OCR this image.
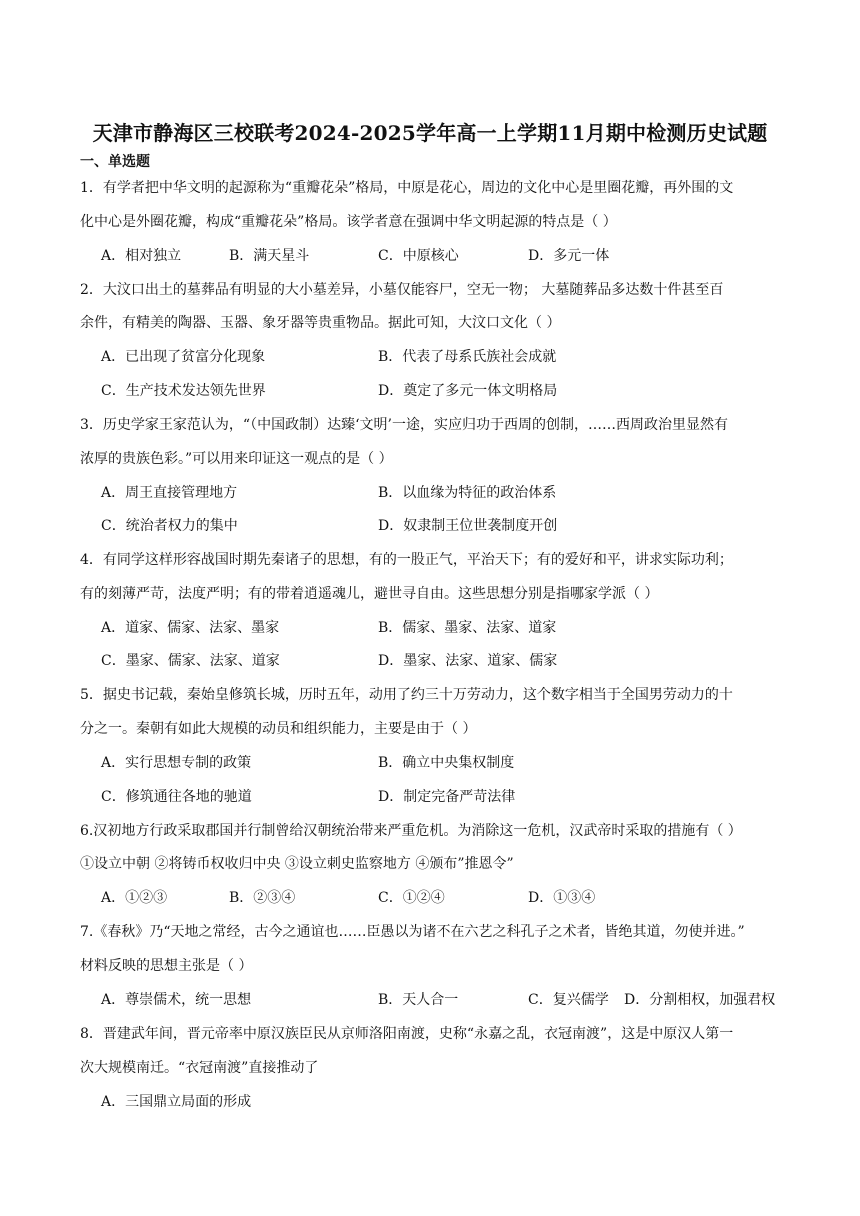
天津市静海区三校联考2024-2025学年高一上学期11月期中检测历史试题
一、单选题
1．有学者把中华文明的起源称为“重瓣花朵”格局，中原是花心，周边的文化中心是里圈花瓣，再外围的文
化中心是外圈花瓣，构成“重瓣花朵”格局。该学者意在强调中华文明起源的特点是（ ）
A．相对独立	B．满天星斗	C．中原核心	D．多元一体
2．大汶口出土的墓葬品有明显的大小墓差异，小墓仅能容尸，空无一物； 大墓随葬品多达数十件甚至百
余件，有精美的陶器、玉器、象牙器等贵重物品。据此可知，大汶口文化（ ）
A．已出现了贫富分化现象	B．代表了母系氏族社会成就
C．生产技术发达领先世界	D．奠定了多元一体文明格局
3．历史学家王家范认为，“（中国政制）达臻‘文明’一途，实应归功于西周的创制，……西周政治里显然有
浓厚的贵族色彩。”可以用来印证这一观点的是（ ）
A．周王直接管理地方	B．以血缘为特征的政治体系
C．统治者权力的集中	D．奴隶制王位世袭制度开创
4．有同学这样形容战国时期先秦诸子的思想，有的一股正气，平治天下；有的爱好和平，讲求实际功利；
有的刻薄严苛，法度严明；有的带着逍遥魂儿，避世寻自由。这些思想分别是指哪家学派（ ）
A．道家、儒家、法家、墨家	B．儒家、墨家、法家、道家
C．墨家、儒家、法家、道家	D．墨家、法家、道家、儒家
5．据史书记载，秦始皇修筑长城，历时五年，动用了约三十万劳动力，这个数字相当于全国男劳动力的十
分之一。秦朝有如此大规模的动员和组织能力，主要是由于（ ）
A．实行思想专制的政策	B．确立中央集权制度
C．修筑通往各地的驰道	D．制定完备严苛法律
6.汉初地方行政采取郡国并行制曾给汉朝统治带来严重危机。为消除这一危机，汉武帝时采取的措施有（ ）
①设立中朝 ②将铸币权收归中央 ③设立刺史监察地方 ④颁布”推恩令”
A．①②③	B．②③④	C．①②④	D．①③④
7.《春秋》乃“天地之常经，古今之通谊也……臣愚以为诸不在六艺之科孔子之术者，皆绝其道，勿使并进。”
材料反映的思想主张是（ ）
A．尊崇儒术，统一思想	B．天人合一	C．复兴儒学 D．分割相权，加强君权
8．晋建武年间，晋元帝率中原汉族臣民从京师洛阳南渡，史称“永嘉之乱，衣冠南渡”，这是中原汉人第一
次大规模南迁。“衣冠南渡”直接推动了
A．三国鼎立局面的形成
